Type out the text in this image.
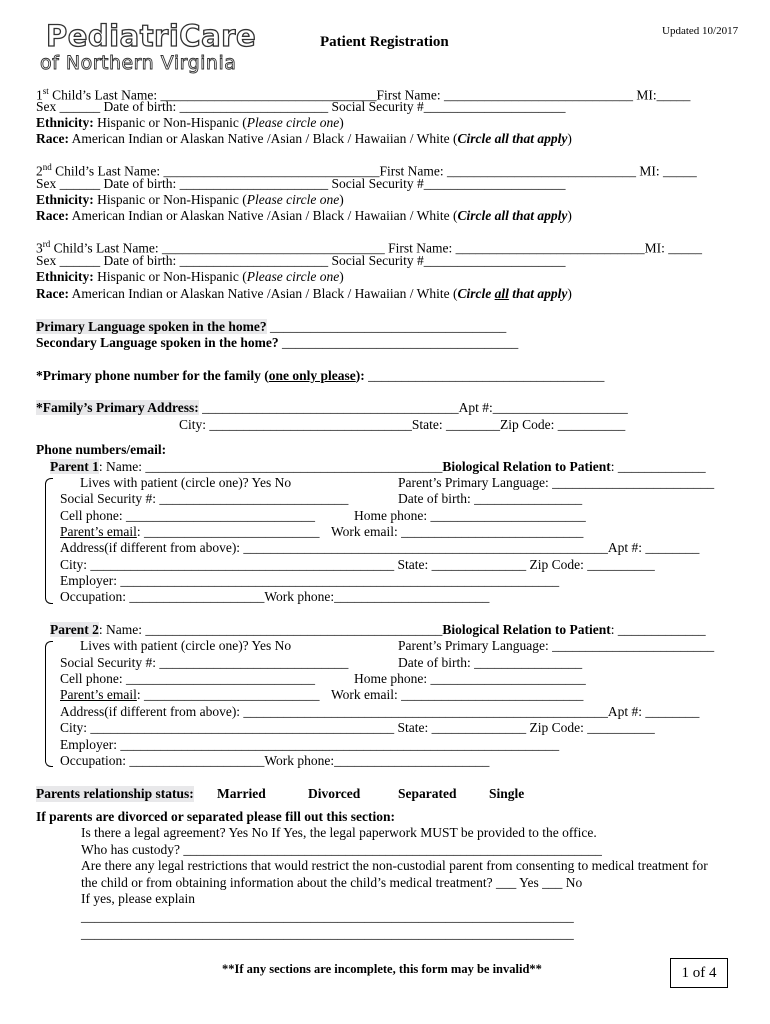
PediatriCare
of Northern Virginia
Patient Registration
Updated 10/2017
1st Child’s Last Name: ________________________________First Name: ____________________________ MI:_____
Sex ______ Date of birth: ______________________ Social Security #_____________________
Ethnicity: Hispanic or Non-Hispanic (Please circle one)
Race: American Indian or Alaskan Native /Asian / Black / Hawaiian / White (Circle all that apply)
2nd Child’s Last Name: ________________________________First Name: ____________________________ MI: _____
Sex ______ Date of birth: ______________________ Social Security #_____________________
Ethnicity: Hispanic or Non-Hispanic (Please circle one)
Race: American Indian or Alaskan Native /Asian / Black / Hawaiian / White (Circle all that apply)
3rd Child’s Last Name: _________________________________ First Name: ____________________________MI: _____
Sex ______ Date of birth: ______________________ Social Security #_____________________
Ethnicity: Hispanic or Non-Hispanic (Please circle one)
Race: American Indian or Alaskan Native /Asian / Black / Hawaiian / White (Circle all that apply)
Primary Language spoken in the home? ___________________________________
Secondary Language spoken in the home? ___________________________________
*Primary phone number for the family (one only please): ___________________________________
*Family’s Primary Address: ______________________________________Apt #:____________________
City: ______________________________State: ________Zip Code: __________
Phone numbers/email:
Parent 1: Name: ____________________________________________Biological Relation to Patient: _____________
Lives with patient (circle one)? Yes No	Parent’s Primary Language: ________________________
Social Security #: ____________________________	Date of birth: ________________
Cell phone: ____________________________	Home phone: _______________________
Parent’s email: __________________________ Work email: ___________________________
Address(if different from above): ______________________________________________________Apt #: ________
City: _____________________________________________ State: ______________ Zip Code: __________
Employer: _________________________________________________________________
Occupation: ____________________Work phone:_______________________
Parent 2: Name: ____________________________________________Biological Relation to Patient: _____________
Lives with patient (circle one)? Yes No	Parent’s Primary Language: ________________________
Social Security #: ____________________________	Date of birth: ________________
Cell phone: ____________________________	Home phone: _______________________
Parent’s email: __________________________ Work email: ___________________________
Address(if different from above): ______________________________________________________Apt #: ________
City: _____________________________________________ State: ______________ Zip Code: __________
Employer: _________________________________________________________________
Occupation: ____________________Work phone:_______________________
Parents relationship status: Married	Divorced	Separated Single
If parents are divorced or separated please fill out this section:
Is there a legal agreement? Yes No If Yes, the legal paperwork MUST be provided to the office.
Who has custody? ______________________________________________________________
Are there any legal restrictions that would restrict the non-custodial parent from consenting to medical treatment for
the child or from obtaining information about the child’s medical treatment? ___ Yes ___ No
If yes, please explain
_________________________________________________________________________
_________________________________________________________________________
**If any sections are incomplete, this form may be invalid**	1 of 4
